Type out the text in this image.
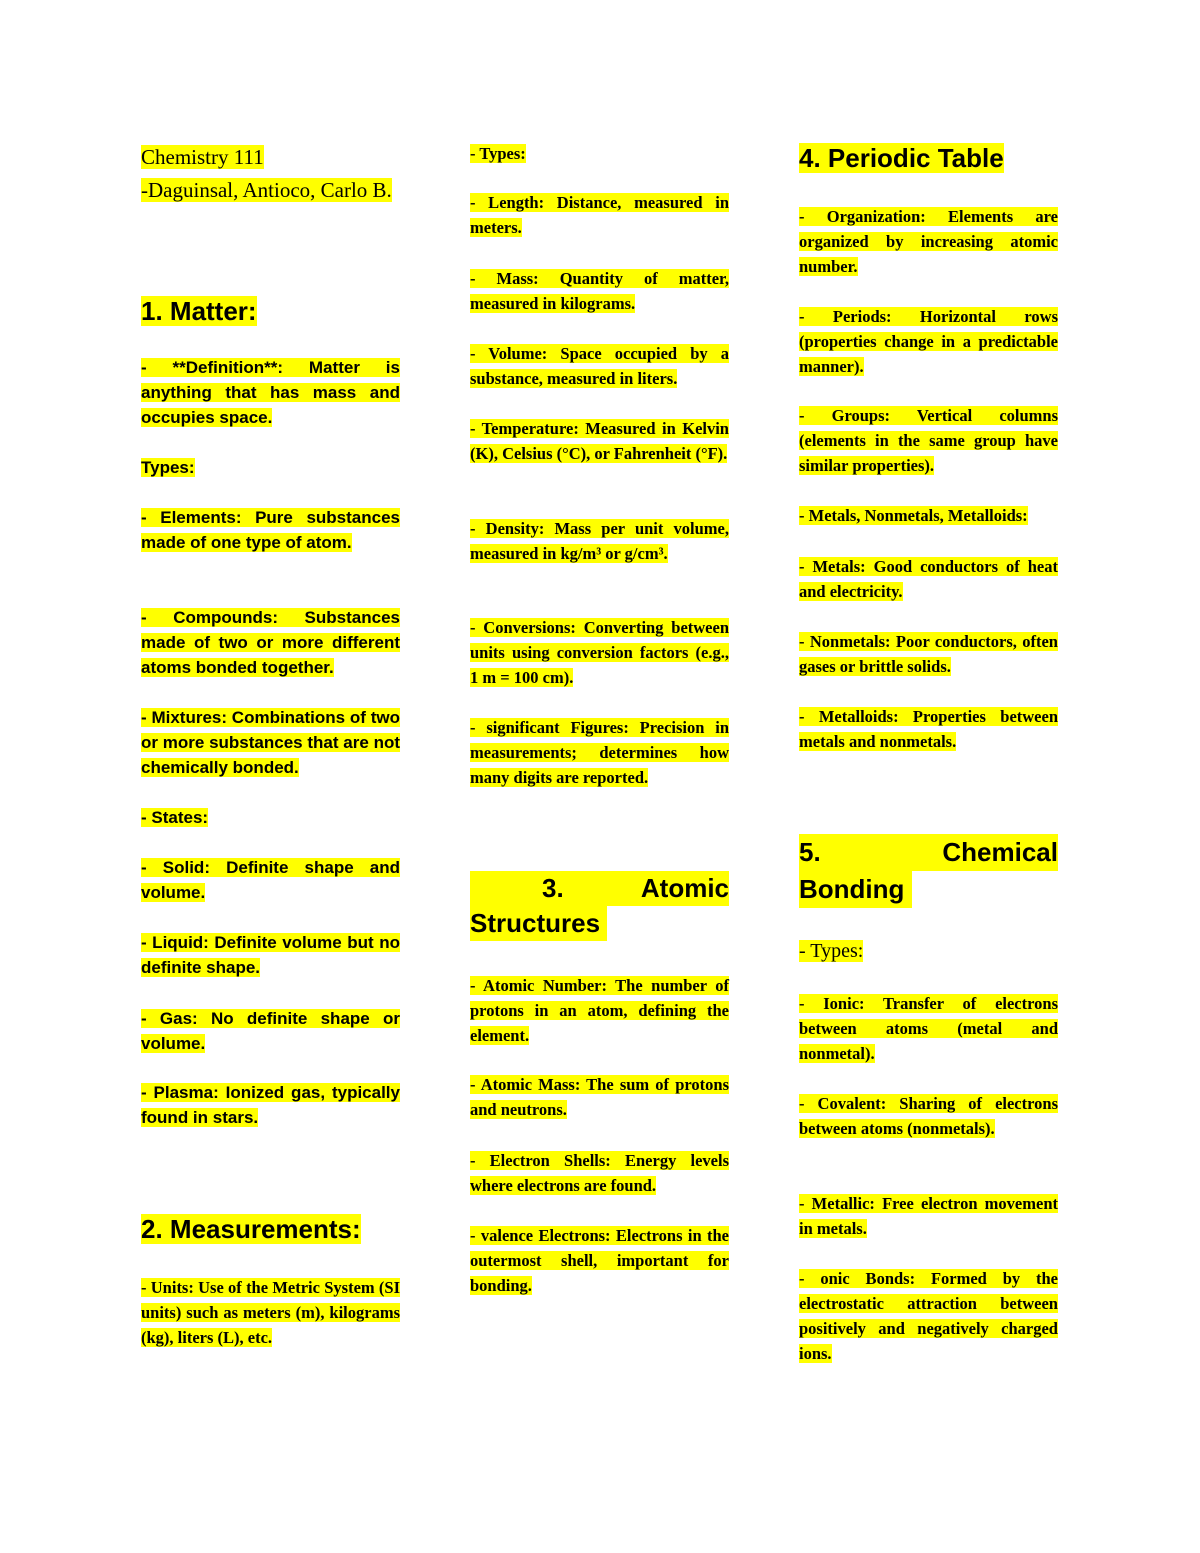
Chemistry 111

-Daguinsal, Antioco, Carlo B.

1. Matter:

- **Definition**: Matter is anything that has mass and occupies space.

Types:

- Elements: Pure substances made of one type of atom.

- Compounds: Substances made of two or more different atoms bonded together.

- Mixtures: Combinations of two or more substances that are not chemically bonded.

- States:

- Solid: Definite shape and volume.

- Liquid: Definite volume but no definite shape.

- Gas: No definite shape or volume.

- Plasma: Ionized gas, typically found in stars.

2. Measurements:

- Units: Use of the Metric System (SI units) such as meters (m), kilograms (kg), liters (L), etc.

- Types:

- Length: Distance, measured in meters.

- Mass: Quantity of matter, measured in kilograms.

- Volume: Space occupied by a substance, measured in liters.

- Temperature: Measured in Kelvin (K), Celsius (°C), or Fahrenheit (°F).

- Density: Mass per unit volume, measured in kg/m³ or g/cm³.

- Conversions: Converting between units using conversion factors (e.g., 1 m = 100 cm).

- significant Figures: Precision in measurements; determines how many digits are reported.

3. Atomic
Structures

- Atomic Number: The number of protons in an atom, defining the element.

- Atomic Mass: The sum of protons and neutrons.

- Electron Shells: Energy levels where electrons are found.

- valence Electrons: Electrons in the outermost shell, important for bonding.

4. Periodic Table

- Organization: Elements are organized by increasing atomic number.

- Periods: Horizontal rows (properties change in a predictable manner).

- Groups: Vertical columns (elements in the same group have similar properties).

- Metals, Nonmetals, Metalloids:

- Metals: Good conductors of heat and electricity.

- Nonmetals: Poor conductors, often gases or brittle solids.

- Metalloids: Properties between metals and nonmetals.

5.	Chemical
Bonding

- Types:

- Ionic: Transfer of electrons between atoms (metal and nonmetal).

- Covalent: Sharing of electrons between atoms (nonmetals).

- Metallic: Free electron movement in metals.

- onic Bonds: Formed by the electrostatic attraction between positively and negatively charged ions.
